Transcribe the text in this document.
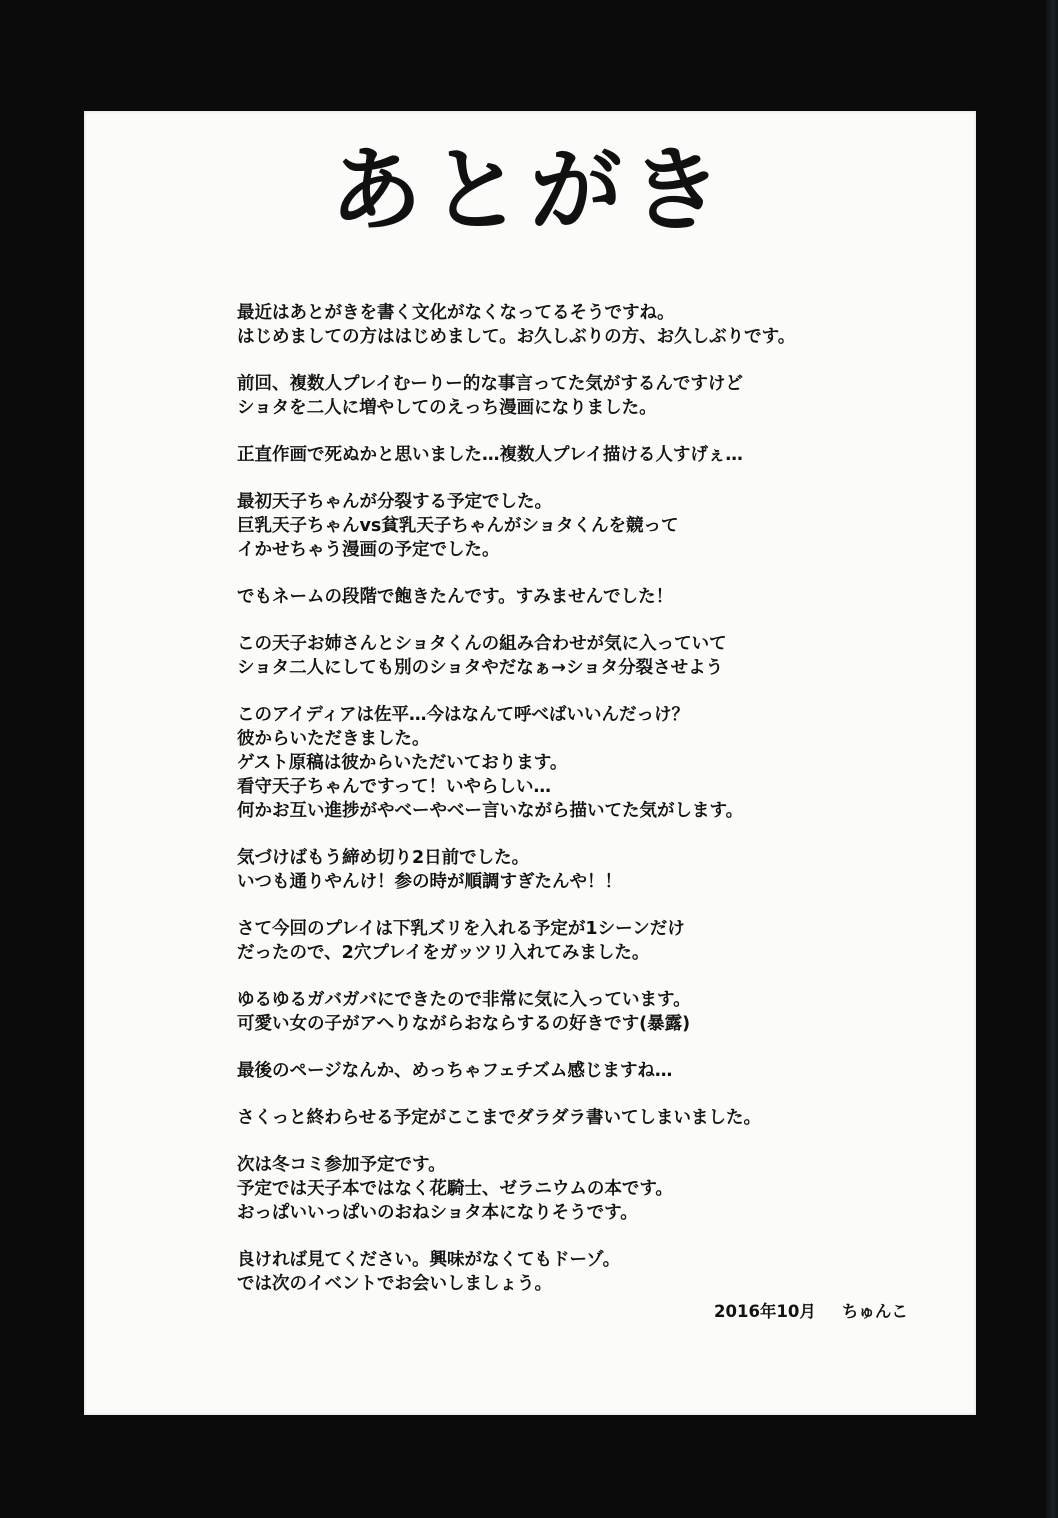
あとがき
最近はあとがきを書く文化がなくなってるそうですね。
はじめましての方ははじめまして。お久しぶりの方、お久しぶりです。
前回、複数人プレイむーりー的な事言ってた気がするんですけど
ショタを二人に増やしてのえっち漫画になりました。
正直作画で死ぬかと思いました…複数人プレイ描ける人すげぇ…
最初天子ちゃんが分裂する予定でした。
巨乳天子ちゃんvs貧乳天子ちゃんがショタくんを競って
イかせちゃう漫画の予定でした。
でもネームの段階で飽きたんです。すみませんでした！
この天子お姉さんとショタくんの組み合わせが気に入っていて
ショタ二人にしても別のショタやだなぁ→ショタ分裂させよう
このアイディアは佐平…今はなんて呼べばいいんだっけ？
彼からいただきました。
ゲスト原稿は彼からいただいております。
看守天子ちゃんですって！いやらしい…
何かお互い進捗がやべーやべー言いながら描いてた気がします。
気づけばもう締め切り2日前でした。
いつも通りやんけ！参の時が順調すぎたんや！！
さて今回のプレイは下乳ズリを入れる予定が1シーンだけ
だったので、2穴プレイをガッツリ入れてみました。
ゆるゆるガバガバにできたので非常に気に入っています。
可愛い女の子がアへりながらおならするの好きです(暴露)
最後のページなんか、めっちゃフェチズム感じますね…
さくっと終わらせる予定がここまでダラダラ書いてしまいました。
次は冬コミ参加予定です。
予定では天子本ではなく花騎士、ゼラニウムの本です。
おっぱいいっぱいのおねショタ本になりそうです。
良ければ見てください。興味がなくてもドーゾ。
では次のイベントでお会いしましょう。
2016年10月 ちゅんこ
